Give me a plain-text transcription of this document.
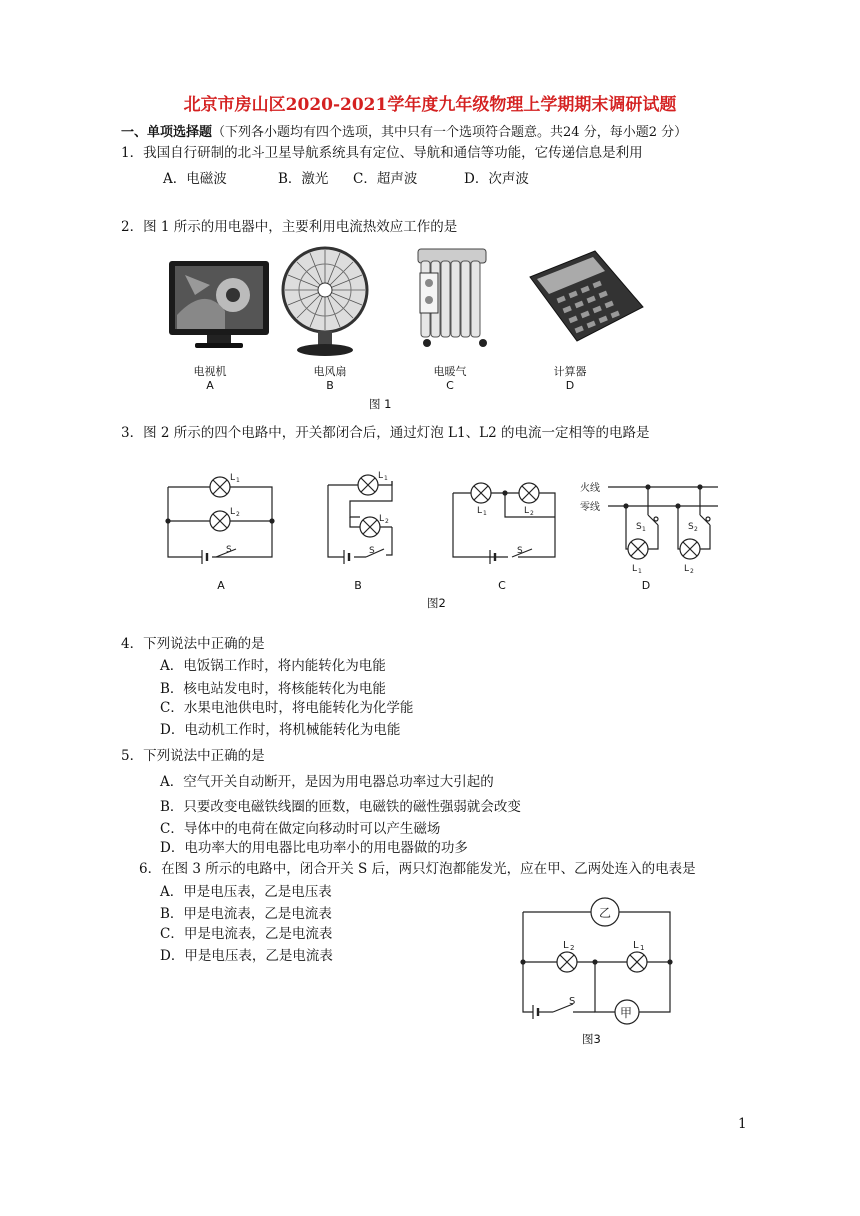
北京市房山区2020-2021学年度九年级物理上学期期末调研试题
一、单项选择题（下列各小题均有四个选项，其中只有一个选项符合题意。共24 分，每小题2 分）
1．我国自行研制的北斗卫星导航系统具有定位、导航和通信等功能，它传递信息是利用
A．电磁波	B．激光 C．超声波	D．次声波
2．图 1 所示的用电器中，主要利用电流热效应工作的是
电视机
A
电风扇
B
电暖气
C
计算器
D
图 1
3．图 2 所示的四个电路中，开关都闭合后，通过灯泡 L1、L2 的电流一定相等的电路是
L 1
L 2
S
L 1
L 2
S
L 1	L 2
S
火线
零线
S 1	S 2
L 1	L 2
A	B	C	D
图2
4．下列说法中正确的是
A．电饭锅工作时，将内能转化为电能
B．核电站发电时，将核能转化为电能
C．水果电池供电时，将电能转化为化学能
D．电动机工作时，将机械能转化为电能
5．下列说法中正确的是
A．空气开关自动断开，是因为用电器总功率过大引起的
B．只要改变电磁铁线圈的匝数，电磁铁的磁性强弱就会改变
C．导体中的电荷在做定向移动时可以产生磁场
D．电功率大的用电器比电功率小的用电器做的功多
6．在图 3 所示的电路中，闭合开关 S 后，两只灯泡都能发光，应在甲、乙两处连入的电表是
A．甲是电压表，乙是电压表
B．甲是电流表，乙是电流表
C．甲是电流表，乙是电流表
D．甲是电压表，乙是电流表
乙
甲
L 2	L 1
S
图3
1
